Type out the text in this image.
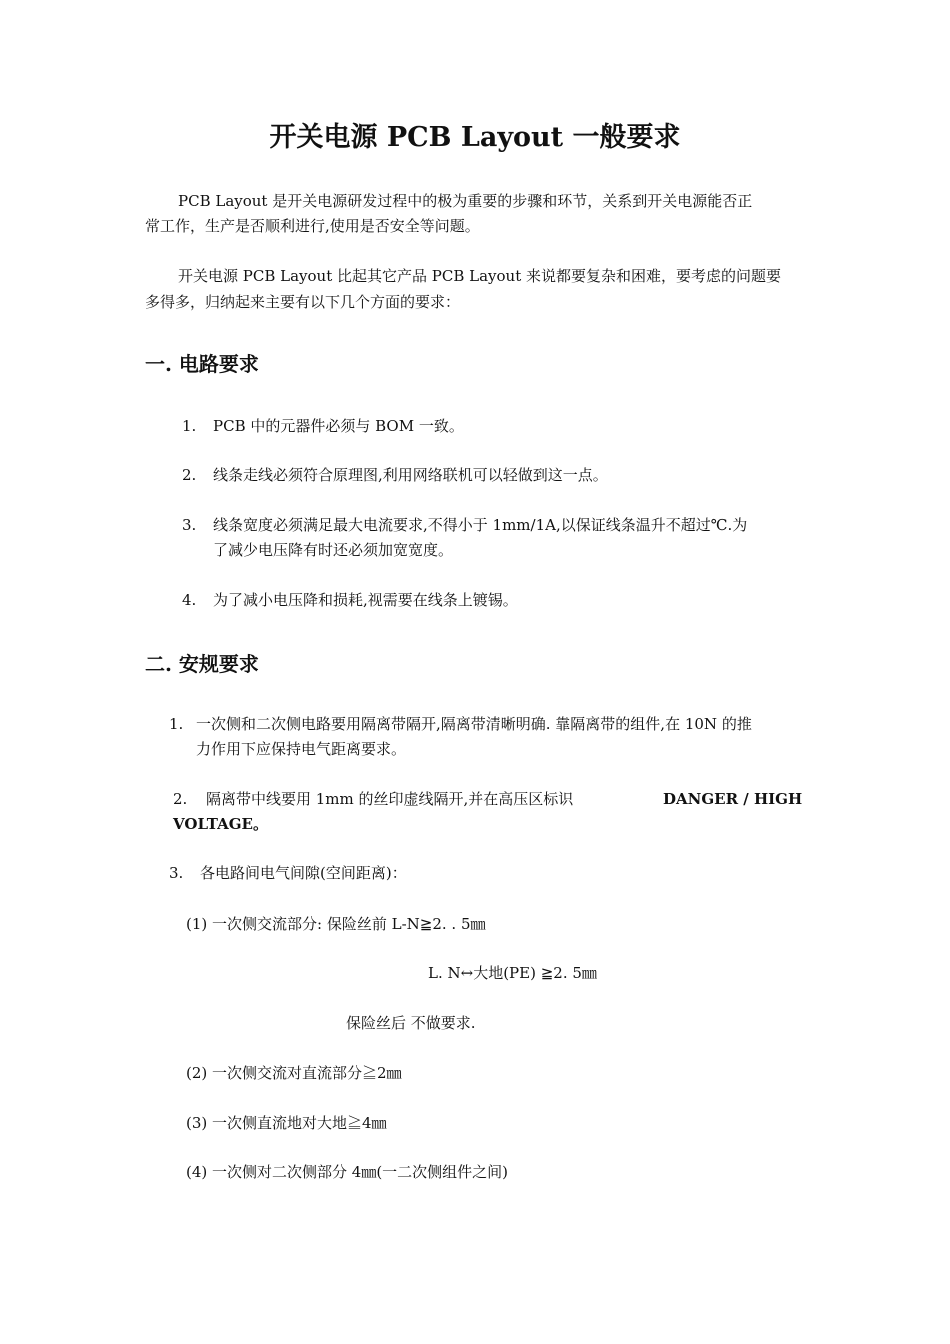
开关电源 PCB Layout 一般要求
PCB Layout 是开关电源研发过程中的极为重要的步骤和环节，关系到开关电源能否正
常工作，生产是否顺利进行,使用是否安全等问题。
开关电源 PCB Layout 比起其它产品 PCB Layout 来说都要复杂和困难，要考虑的问题要
多得多，归纳起来主要有以下几个方面的要求：
一. 电路要求
1. PCB 中的元器件必须与 BOM 一致。
2. 线条走线必须符合原理图,利用网络联机可以轻做到这一点。
3. 线条宽度必须满足最大电流要求,不得小于 1mm/1A,以保证线条温升不超过℃.为
了减少电压降有时还必须加宽宽度。
4. 为了减小电压降和损耗,视需要在线条上镀锡。
二. 安规要求
1. 一次侧和二次侧电路要用隔离带隔开,隔离带清晰明确. 靠隔离带的组件,在 10N 的推
力作用下应保持电气距离要求。
2. 隔离带中线要用 1mm 的丝印虚线隔开,并在高压区标识	DANGER / HIGH
VOLTAGE。
3. 各电路间电气间隙(空间距离)：
(1) 一次侧交流部分: 保险丝前 L-N≧2. . 5㎜
L. N↔大地(PE) ≧2. 5㎜
保险丝后 不做要求.
(2) 一次侧交流对直流部分≧2㎜
(3) 一次侧直流地对大地≧4㎜
(4) 一次侧对二次侧部分 4㎜(一二次侧组件之间)
